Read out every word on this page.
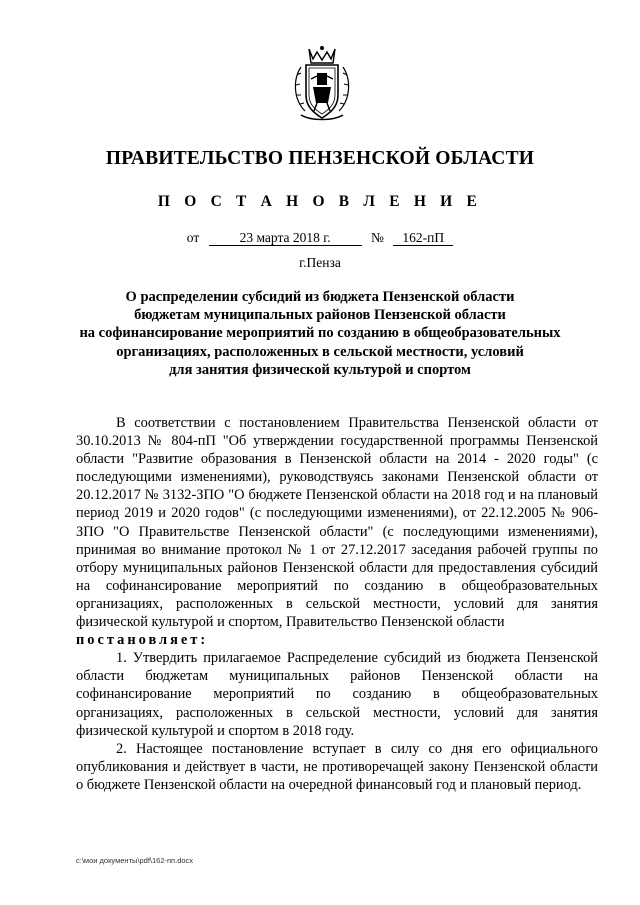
ПРАВИТЕЛЬСТВО ПЕНЗЕНСКОЙ ОБЛАСТИ
П О С Т А Н О В Л Е Н И Е
от	23 марта 2018 г.	№ 162-пП
г.Пенза
О распределении субсидий из бюджета Пензенской области
бюджетам муниципальных районов Пензенской области
на софинансирование мероприятий по созданию в общеобразовательных
организациях, расположенных в сельской местности, условий
для занятия физической культурой и спортом

В соответствии с постановлением Правительства Пензенской области от 30.10.2013 № 804-пП "Об утверждении государственной программы Пензенской области "Развитие образования в Пензенской области на 2014 - 2020 годы" (с последующими изменениями), руководствуясь законами Пензенской области от 20.12.2017 № 3132-ЗПО "О бюджете Пензенской области на 2018 год и на плановый период 2019 и 2020 годов" (с последующими изменениями), от 22.12.2005 № 906-ЗПО "О Правительстве Пензенской области" (с последующими изменениями), принимая во внимание протокол № 1 от 27.12.2017 заседания рабочей группы по отбору муниципальных районов Пензенской области для предоставления субсидий на софинансирование мероприятий по созданию в общеобразовательных организациях, расположенных в сельской местности, условий для занятия физической культурой и спортом, Правительство Пензенской области

постановляет:

1. Утвердить прилагаемое Распределение субсидий из бюджета Пензенской области бюджетам муниципальных районов Пензенской области на софинансирование мероприятий по созданию в общеобразовательных организациях, расположенных в сельской местности, условий для занятия физической культурой и спортом в 2018 году.

2. Настоящее постановление вступает в силу со дня его официального опубликования и действует в части, не противоречащей закону Пензенской области о бюджете Пензенской области на очередной финансовый год и плановый период.

c:\мои документы\pdf\162-пп.docx
